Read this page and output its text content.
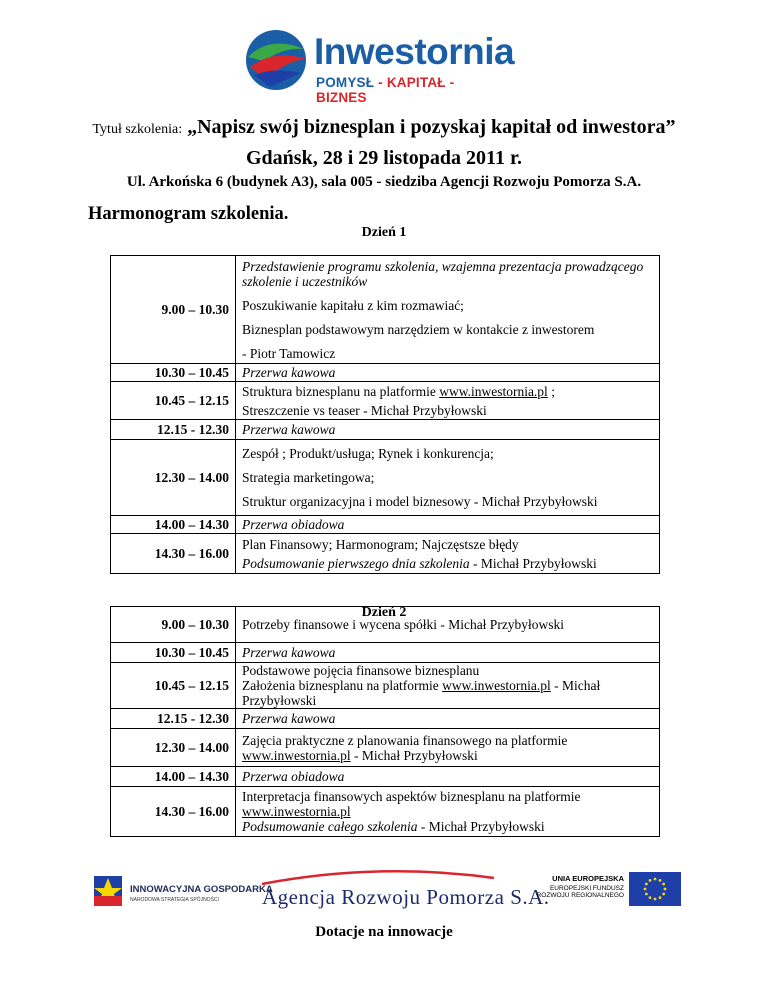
Inwestornia
POMYSŁ - KAPITAŁ - BIZNES
Tytuł szkolenia: „Napisz swój biznesplan i pozyskaj kapitał od inwestora”
Gdańsk, 28 i 29 listopada 2011 r.
Ul. Arkońska 6 (budynek A3), sala 005 - siedziba Agencji Rozwoju Pomorza S.A.
Harmonogram szkolenia.
Dzień 1
9.00 – 10.30	Przedstawienie programu szkolenia, wzajemna prezentacja prowadzącego szkolenie i uczestników

Poszukiwanie kapitału z kim rozmawiać;

Biznesplan podstawowym narzędziem w kontakcie z inwestorem

- Piotr Tamowicz
10.30 – 10.45	Przerwa kawowa
10.45 – 12.15	Struktura biznesplanu na platformie www.inwestornia.pl ;

Streszczenie vs teaser - Michał Przybyłowski
12.15 - 12.30	Przerwa kawowa
12.30 – 14.00	Zespół ; Produkt/usługa; Rynek i konkurencja;

Strategia marketingowa;

Struktur organizacyjna i model biznesowy - Michał Przybyłowski
14.00 – 14.30	Przerwa obiadowa
14.30 – 16.00	Plan Finansowy; Harmonogram; Najczęstsze błędy

Podsumowanie pierwszego dnia szkolenia - Michał Przybyłowski
Dzień 2
9.00 – 10.30	Potrzeby finansowe i wycena spółki - Michał Przybyłowski
10.30 – 10.45	Przerwa kawowa
10.45 – 12.15	Podstawowe pojęcia finansowe biznesplanu
Założenia biznesplanu na platformie www.inwestornia.pl - Michał Przybyłowski
12.15 - 12.30	Przerwa kawowa
12.30 – 14.00	Zajęcia praktyczne z planowania finansowego na platformie www.inwestornia.pl - Michał Przybyłowski
14.00 – 14.30	Przerwa obiadowa
14.30 – 16.00	Interpretacja finansowych aspektów biznesplanu na platformie www.inwestornia.pl
Podsumowanie całego szkolenia - Michał Przybyłowski
INNOWACYJNA GOSPODARKA
NARODOWA STRATEGIA SPÓJNOŚCI Agencja Rozwoju Pomorza S.A.
UNIA EUROPEJSKA
EUROPEJSKI FUNDUSZ
ROZWOJU REGIONALNEGO
Dotacje na innowacje
